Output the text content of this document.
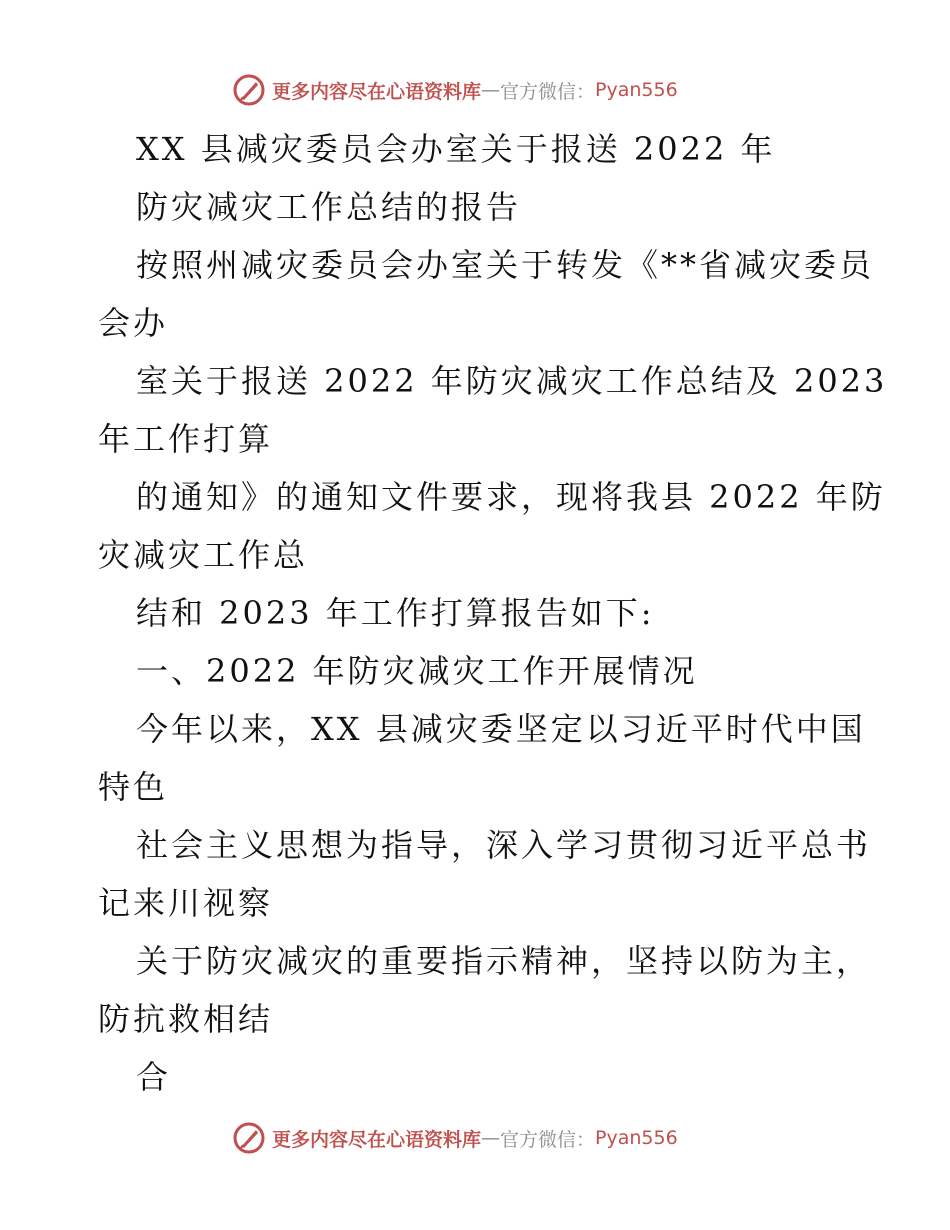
更多内容尽在心语资料库 — 官方微信： Pyan556
XX 县减灾委员会办室关于报送 2022 年
防灾减灾工作总结的报告
按照州减灾委员会办室关于转发《**省减灾委员
会办
室关于报送 2022 年防灾减灾工作总结及 2023
年工作打算
的通知》的通知文件要求，现将我县 2022 年防
灾减灾工作总
结和 2023 年工作打算报告如下:
一、2022 年防灾减灾工作开展情况
今年以来，XX 县减灾委坚定以习近平时代中国
特色
社会主义思想为指导，深入学习贯彻习近平总书
记来川视察
关于防灾减灾的重要指示精神，坚持以防为主，
防抗救相结
合
更多内容尽在心语资料库 — 官方微信： Pyan556
